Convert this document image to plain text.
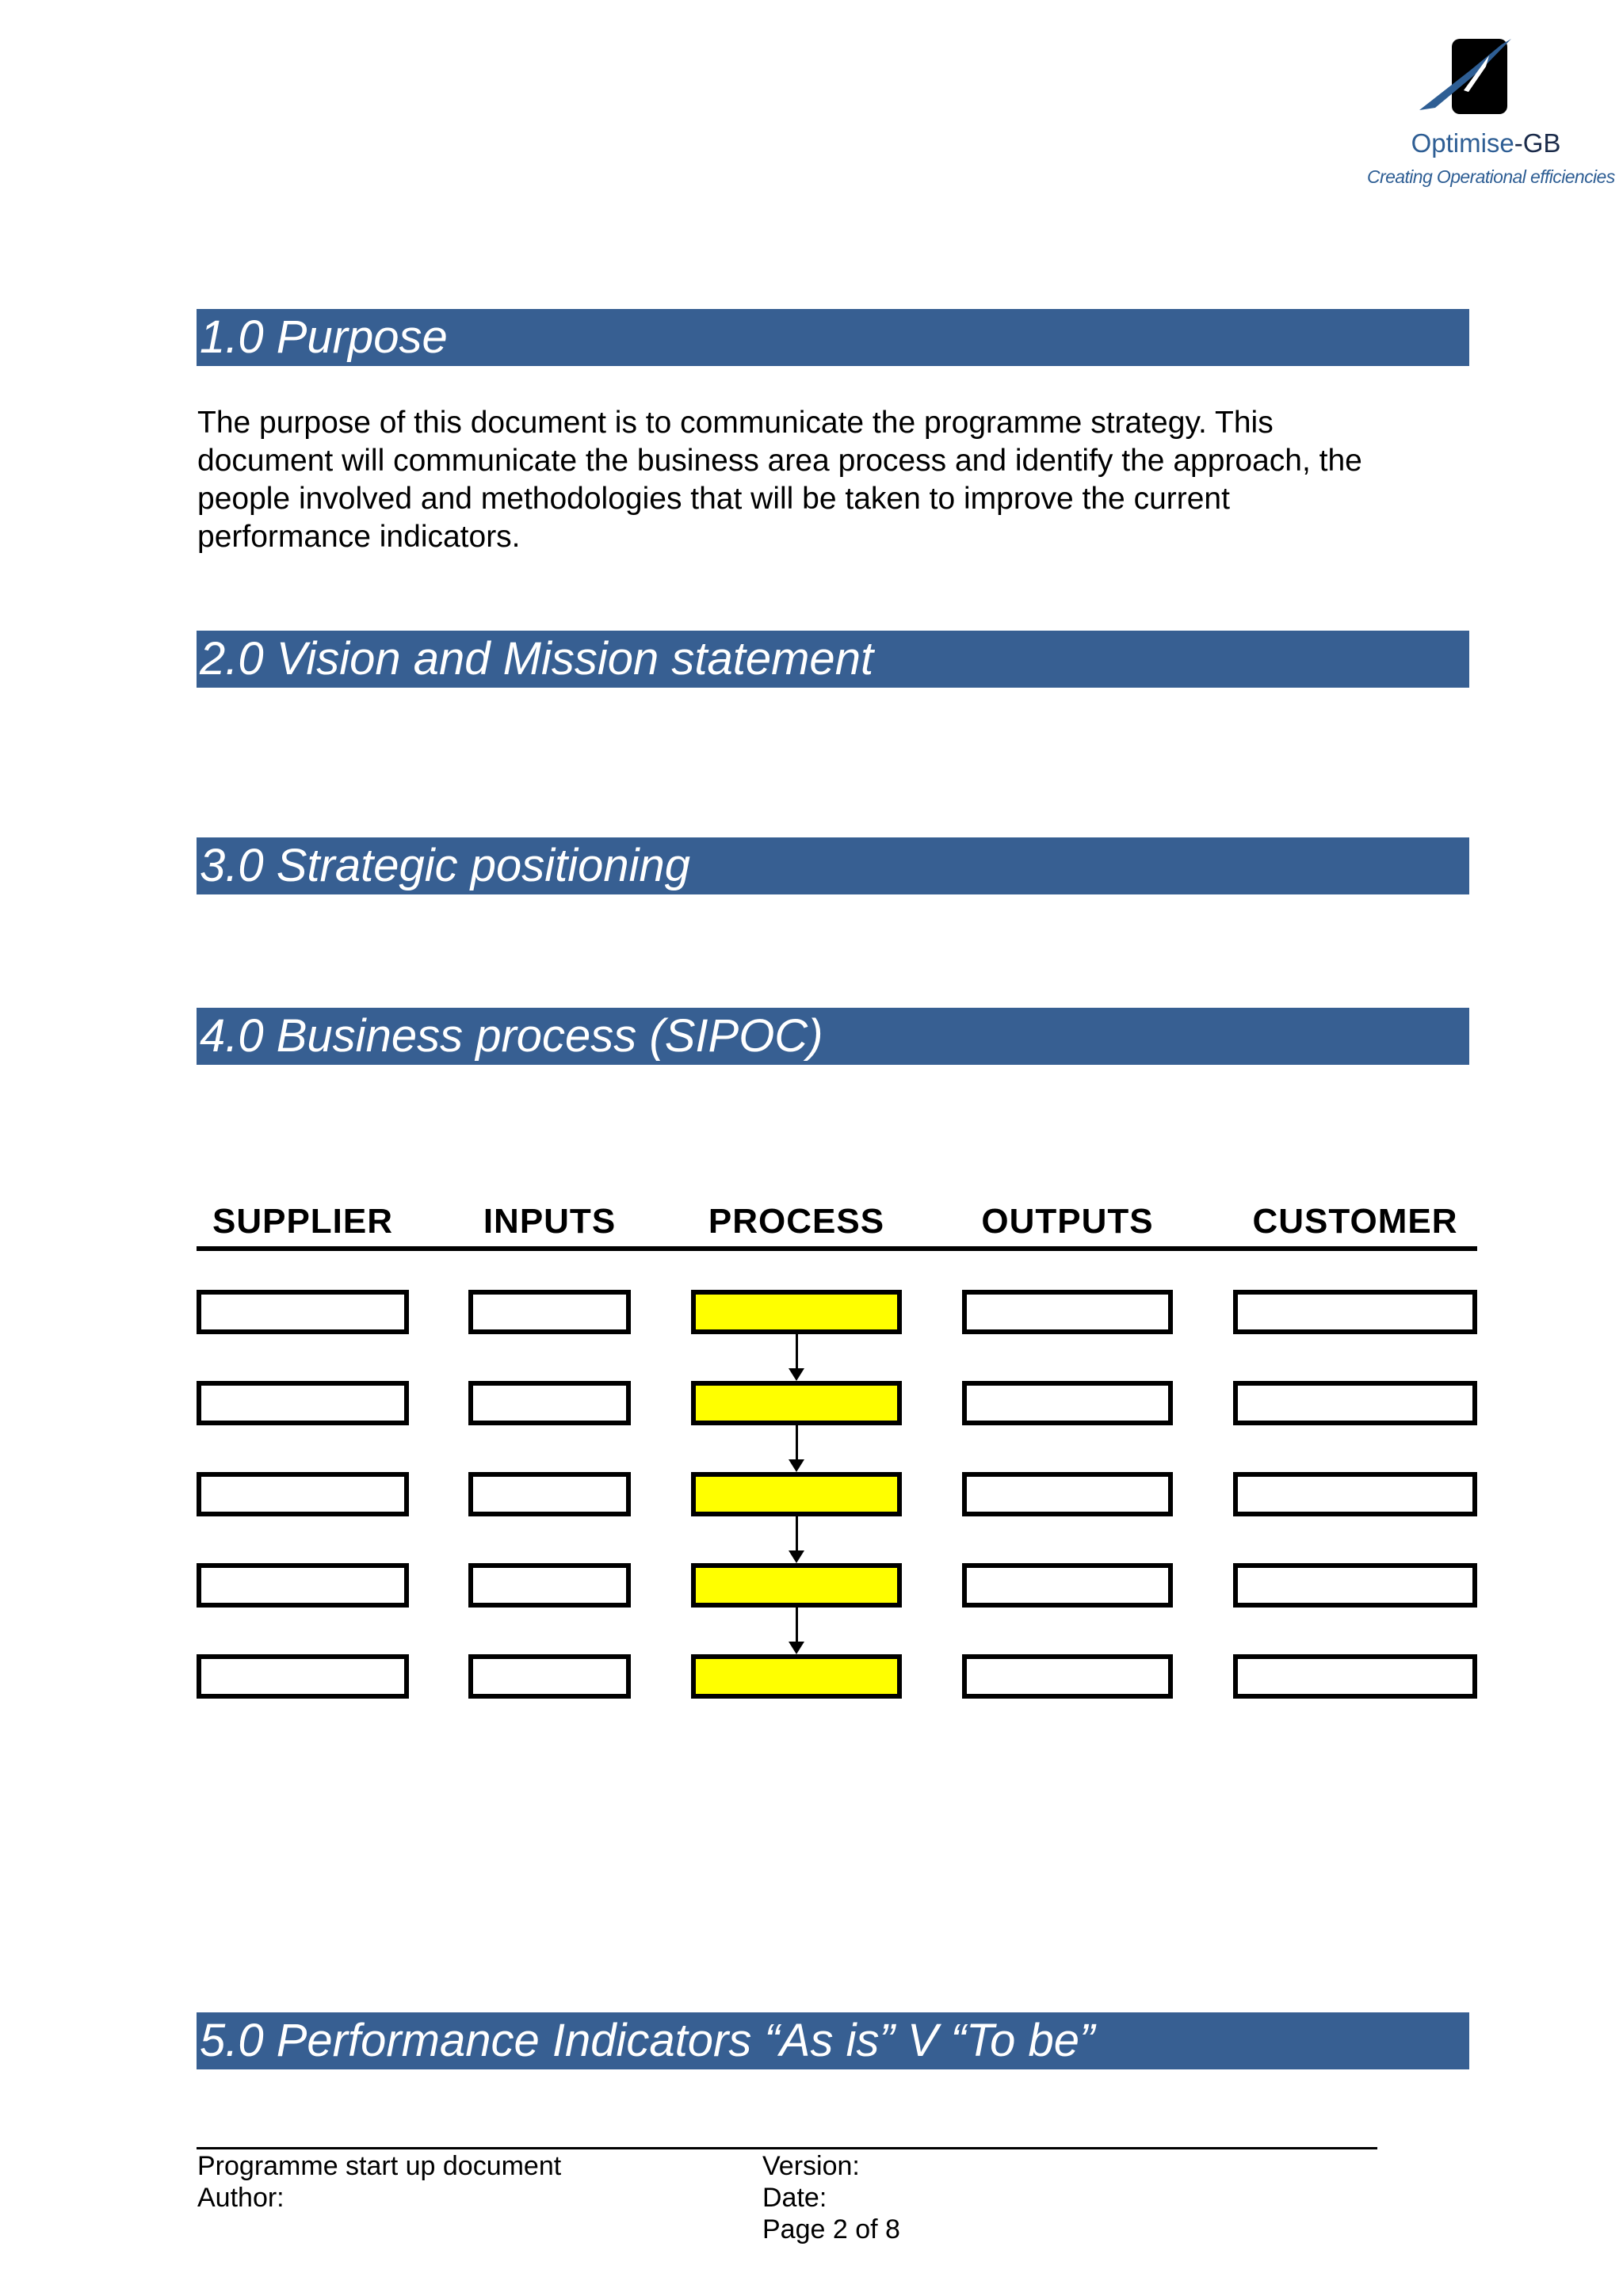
Optimise-GB
Creating Operational efficiencies
1.0 Purpose

The purpose of this document is to communicate the programme strategy. This
document will communicate the business area process and identify the approach, the
people involved and methodologies that will be taken to improve the current
performance indicators.

2.0 Vision and Mission statement
3.0 Strategic positioning
4.0 Business process (SIPOC)
SUPPLIER	INPUTS	PROCESS	OUTPUTS	CUSTOMER
5.0 Performance Indicators “As is” V “To be”
Programme start up document
Author:
Version:
Date:
Page 2 of 8
